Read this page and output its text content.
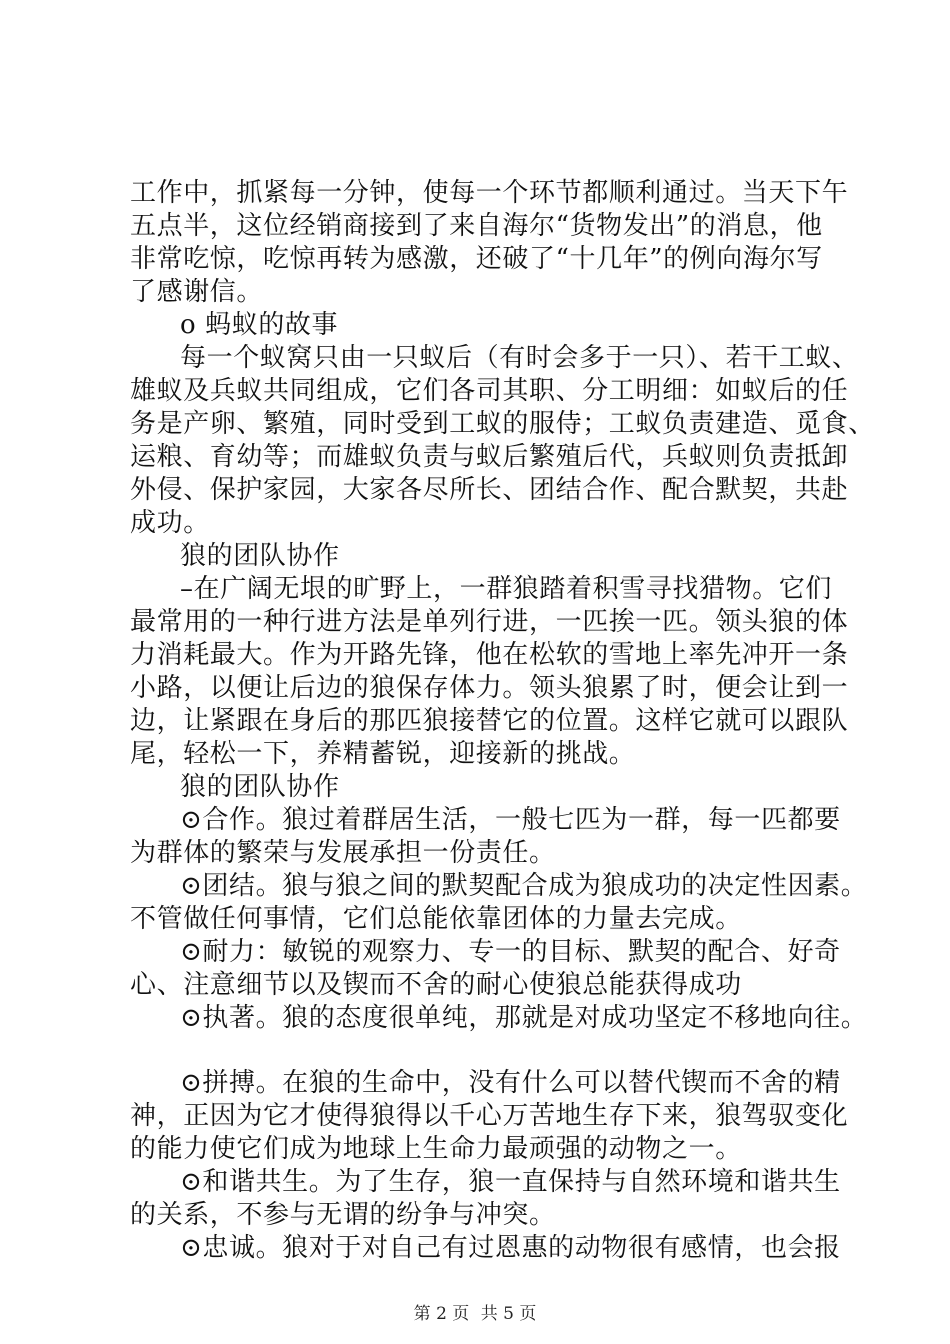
工作中，抓紧每一分钟，使每一个环节都顺利通过。当天下午
五点半，这位经销商接到了来自海尔“货物发出”的消息，他
非常吃惊，吃惊再转为感激，还破了“十几年”的例向海尔写
了感谢信。
o 蚂蚁的故事
每一个蚁窝只由一只蚁后（有时会多于一只）、若干工蚁、
雄蚁及兵蚁共同组成，它们各司其职、分工明细：如蚁后的任
务是产卵、繁殖，同时受到工蚁的服侍；工蚁负责建造、觅食、
运粮、育幼等；而雄蚁负责与蚁后繁殖后代，兵蚁则负责抵卸
外侵、保护家园，大家各尽所长、团结合作、配合默契，共赴
成功。
狼的团队协作
–在广阔无垠的旷野上，一群狼踏着积雪寻找猎物。它们
最常用的一种行进方法是单列行进，一匹挨一匹。领头狼的体
力消耗最大。作为开路先锋，他在松软的雪地上率先冲开一条
小路，以便让后边的狼保存体力。领头狼累了时，便会让到一
边，让紧跟在身后的那匹狼接替它的位置。这样它就可以跟队
尾，轻松一下，养精蓄锐，迎接新的挑战。
狼的团队协作
⊙合作。狼过着群居生活，一般七匹为一群，每一匹都要
为群体的繁荣与发展承担一份责任。
⊙团结。狼与狼之间的默契配合成为狼成功的决定性因素。
不管做任何事情，它们总能依靠团体的力量去完成。
⊙耐力：敏锐的观察力、专一的目标、默契的配合、好奇
心、注意细节以及锲而不舍的耐心使狼总能获得成功
⊙执著。狼的态度很单纯，那就是对成功坚定不移地向往。
⊙拼搏。在狼的生命中，没有什么可以替代锲而不舍的精
神，正因为它才使得狼得以千心万苦地生存下来，狼驾驭变化
的能力使它们成为地球上生命力最顽强的动物之一。
⊙和谐共生。为了生存，狼一直保持与自然环境和谐共生
的关系，不参与无谓的纷争与冲突。
⊙忠诚。狼对于对自己有过恩惠的动物很有感情，也会报
第 2 页 共 5 页
